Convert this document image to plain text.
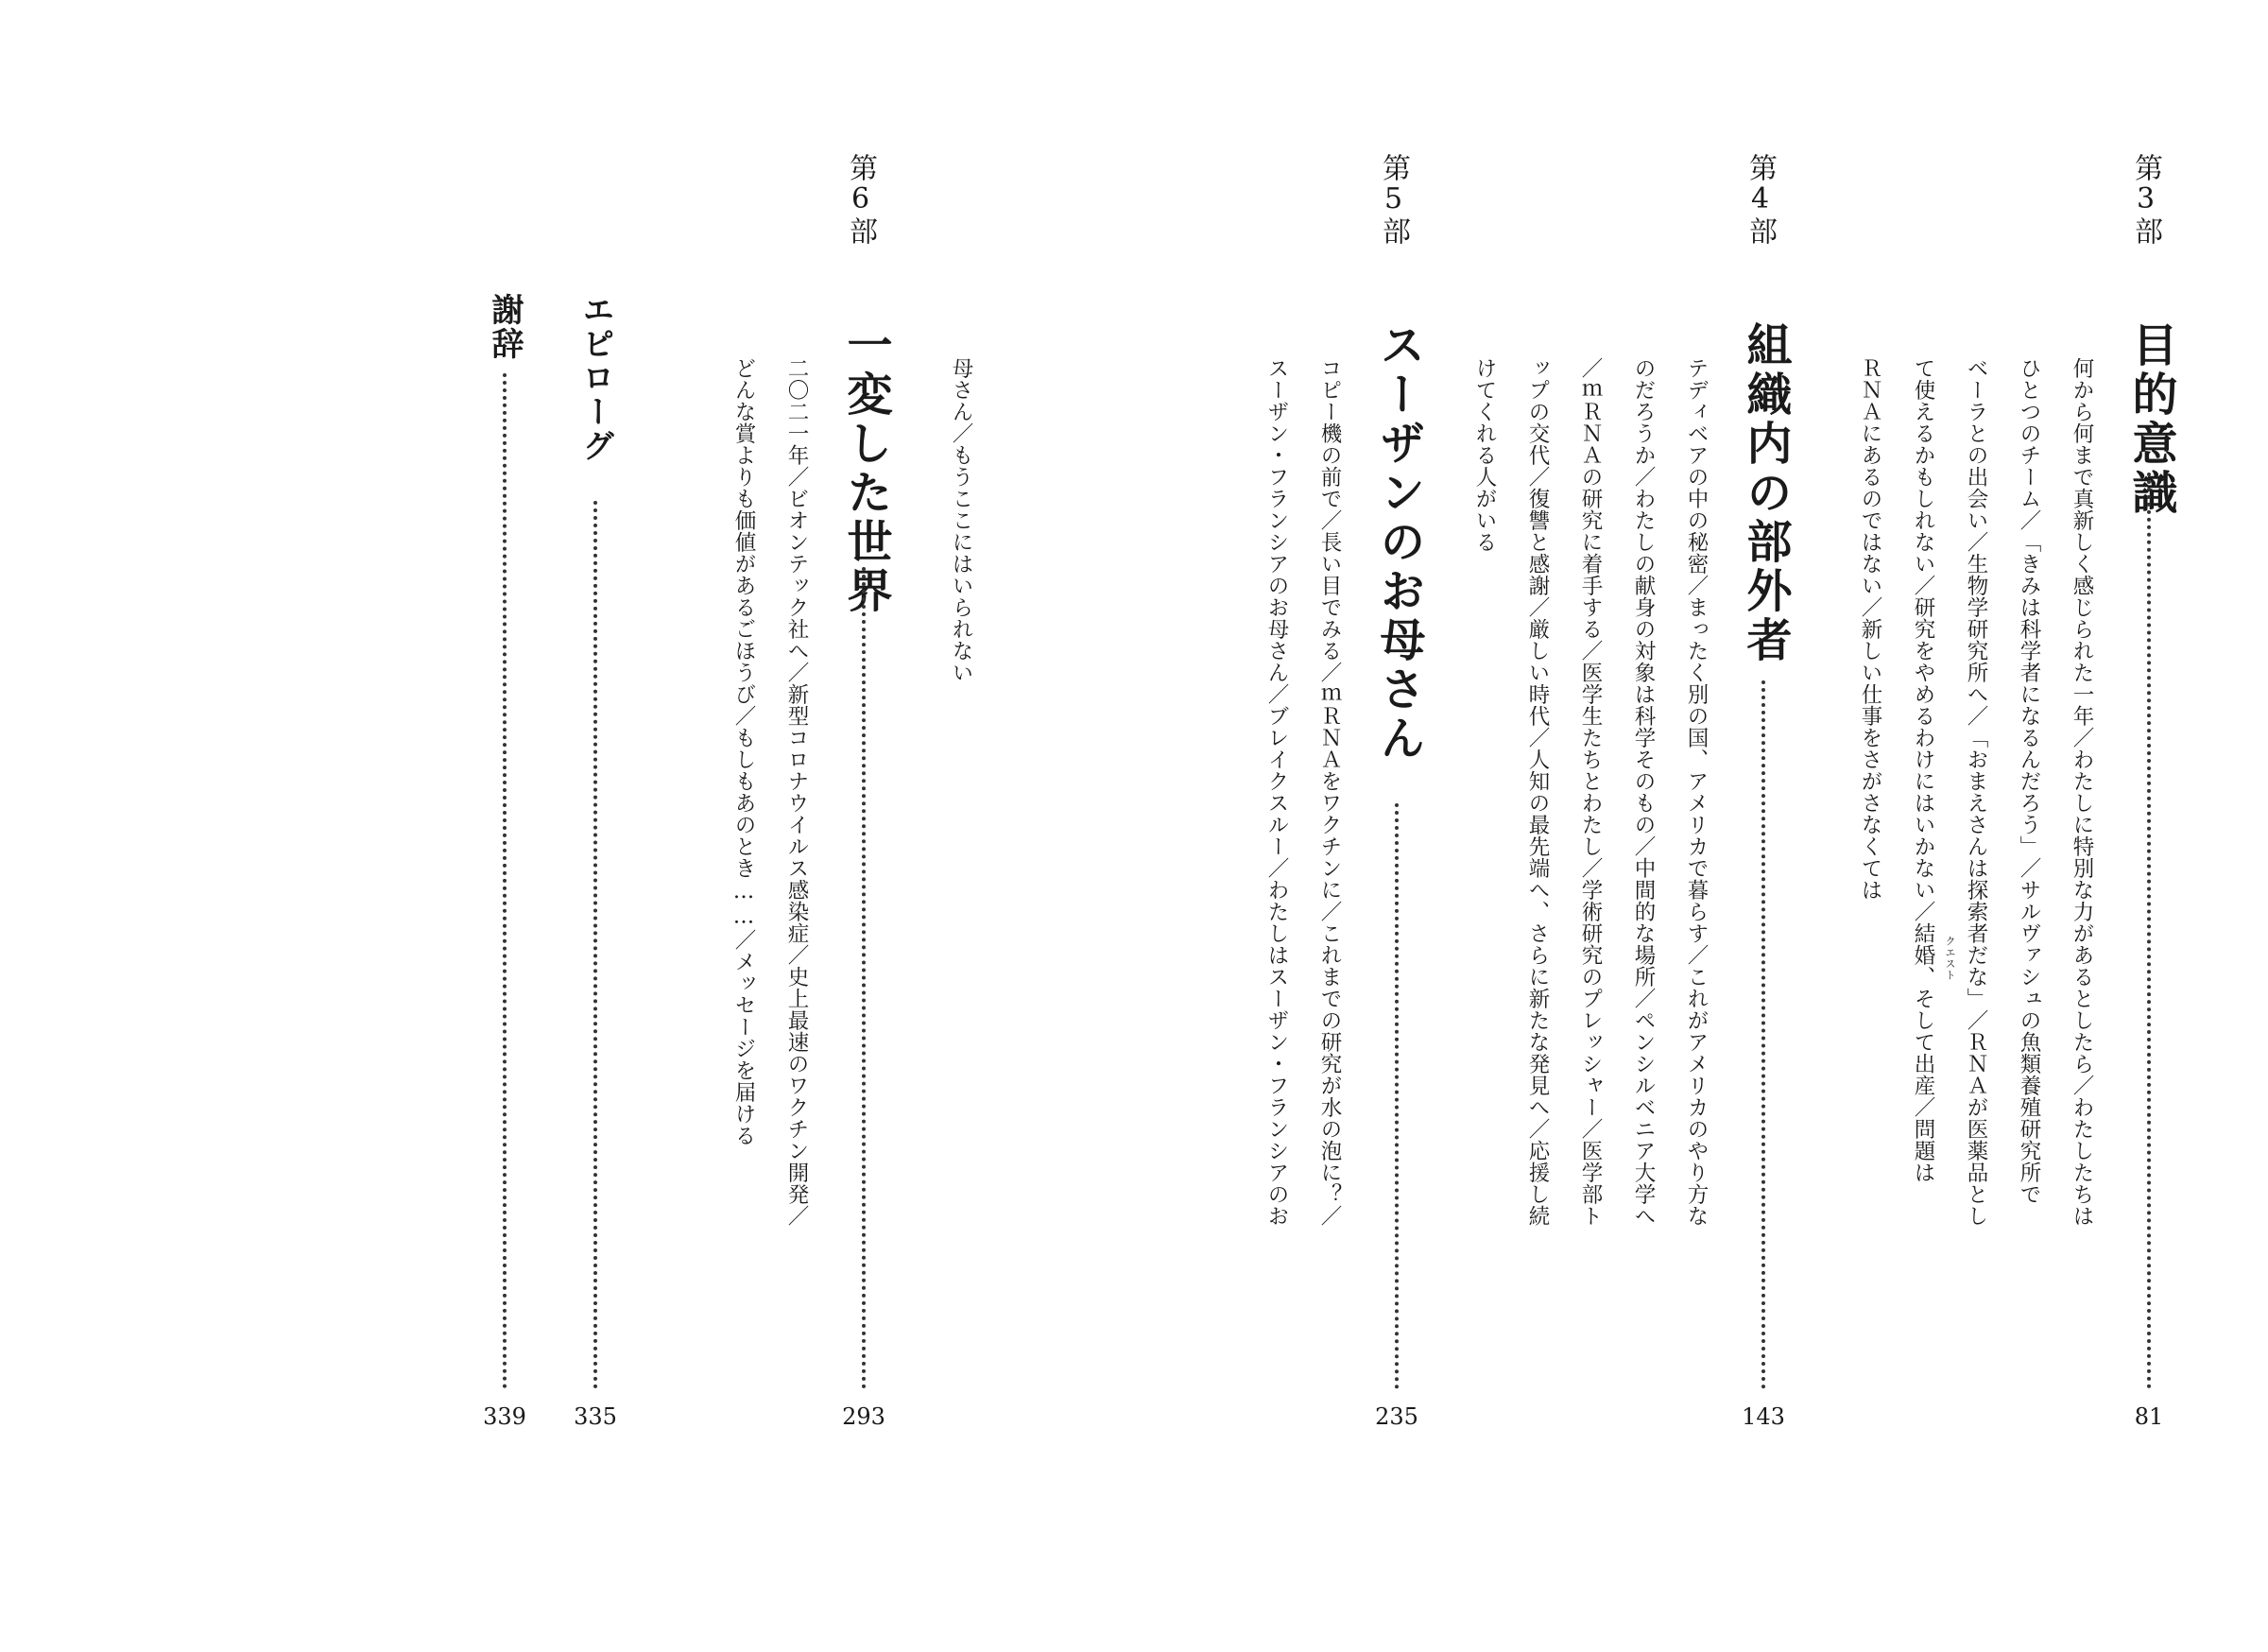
第3部
目的意識
81
何から何まで真新しく感じられた一年／わたしに特別な力があるとしたら／わたしたちは
ひとつのチーム／「きみは科学者になるんだろう」／サルヴァシュの魚類養殖研究所で
ベーラとの出会い／生物学研究所へ／「おまえさんは探索者だな」／ＲＮＡが医薬品とし
クエスト
て使えるかもしれない／研究をやめるわけにはいかない／結婚、そして出産／問題は
ＲＮＡにあるのではない／新しい仕事をさがさなくては
第4部
組織内の部外者
143
テディベアの中の秘密／まったく別の国、アメリカで暮らす／これがアメリカのやり方な
のだろうか／わたしの献身の対象は科学そのもの／中間的な場所／ペンシルベニア大学へ
／ｍＲＮＡの研究に着手する／医学生たちとわたし／学術研究のプレッシャー／医学部ト
ップの交代／復讐と感謝／厳しい時代／人知の最先端へ、さらに新たな発見へ／応援し続
けてくれる人がいる
第5部
スーザンのお母さん
235
コピー機の前で／長い目でみる／ｍＲＮＡをワクチンに／これまでの研究が水の泡に？／
スーザン・フランシアのお母さん／ブレイクスルー／わたしはスーザン・フランシアのお
母さん／もうここにはいられない
第6部
一変した世界
293
二〇二一年／ビオンテック社へ／新型コロナウイルス感染症／史上最速のワクチン開発／
どんな賞よりも価値があるごほうび／もしもあのとき……／メッセージを届ける
エピローグ
335
謝辞
339
